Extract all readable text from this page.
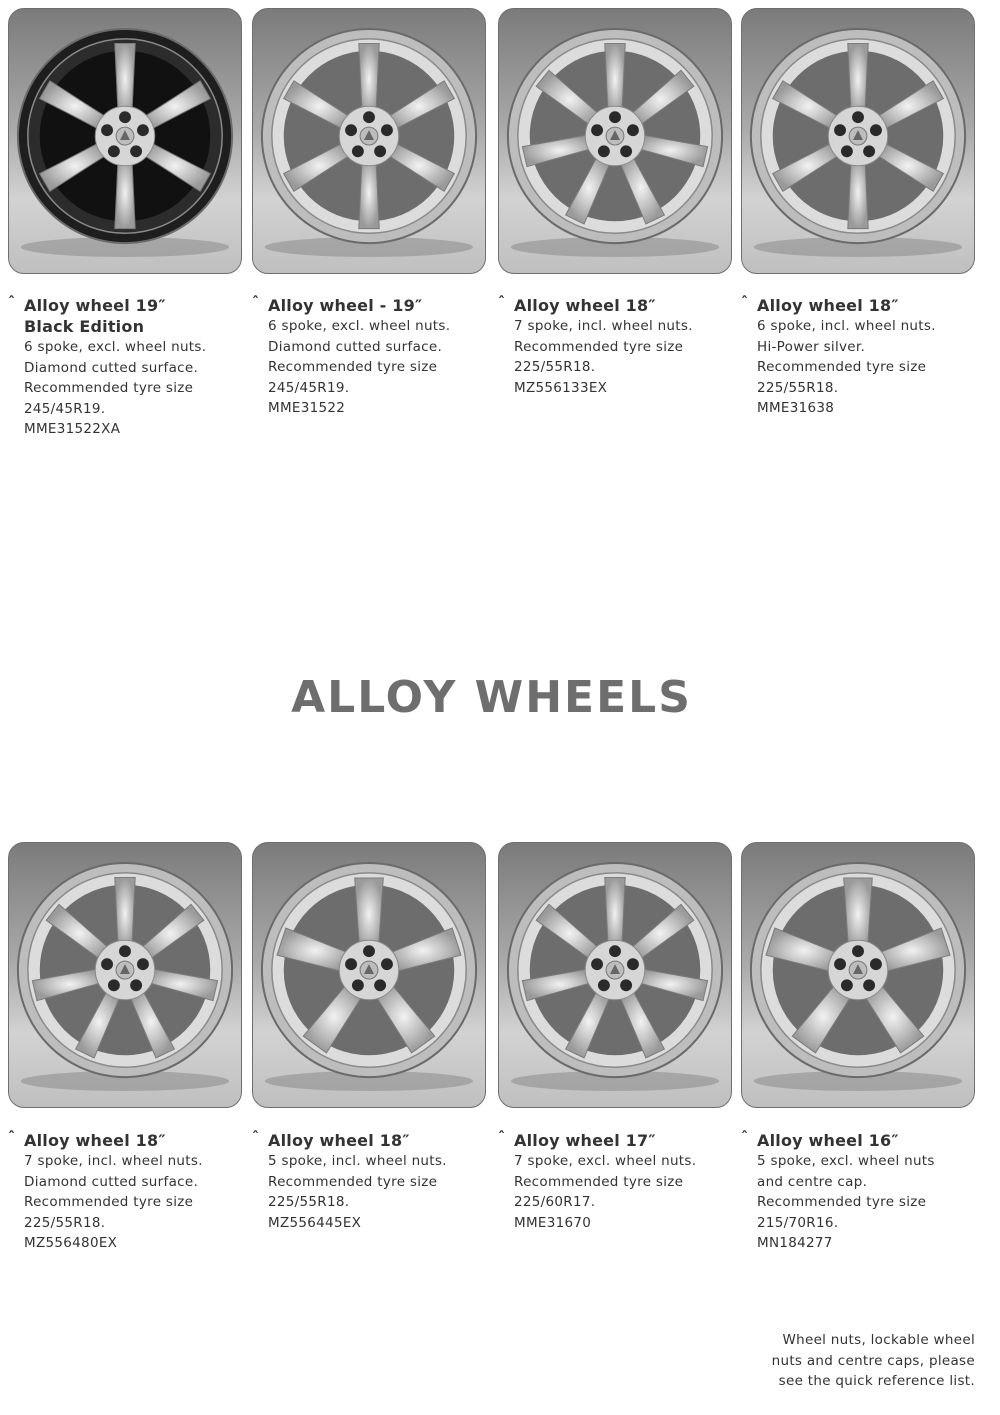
ALLOY WHEELS
ˆ Alloy wheel 19″
Black Edition
6 spoke, excl. wheel nuts.
Diamond cutted surface.
Recommended tyre size
245/45R19.
MME31522XA
ˆ Alloy wheel - 19″
6 spoke, excl. wheel nuts.
Diamond cutted surface.
Recommended tyre size
245/45R19.
MME31522
ˆ Alloy wheel 18″
7 spoke, incl. wheel nuts.
Recommended tyre size
225/55R18.
MZ556133EX
ˆ Alloy wheel 18″
6 spoke, incl. wheel nuts.
Hi-Power silver.
Recommended tyre size
225/55R18.
MME31638
ˆ Alloy wheel 18″
7 spoke, incl. wheel nuts.
Diamond cutted surface.
Recommended tyre size
225/55R18.
MZ556480EX
ˆ Alloy wheel 18″
5 spoke, incl. wheel nuts.
Recommended tyre size
225/55R18.
MZ556445EX
ˆ Alloy wheel 17″
7 spoke, excl. wheel nuts.
Recommended tyre size
225/60R17.
MME31670
ˆ Alloy wheel 16″
5 spoke, excl. wheel nuts
and centre cap.
Recommended tyre size
215/70R16.
MN184277
Wheel nuts, lockable wheel
nuts and centre caps, please
see the quick reference list.
